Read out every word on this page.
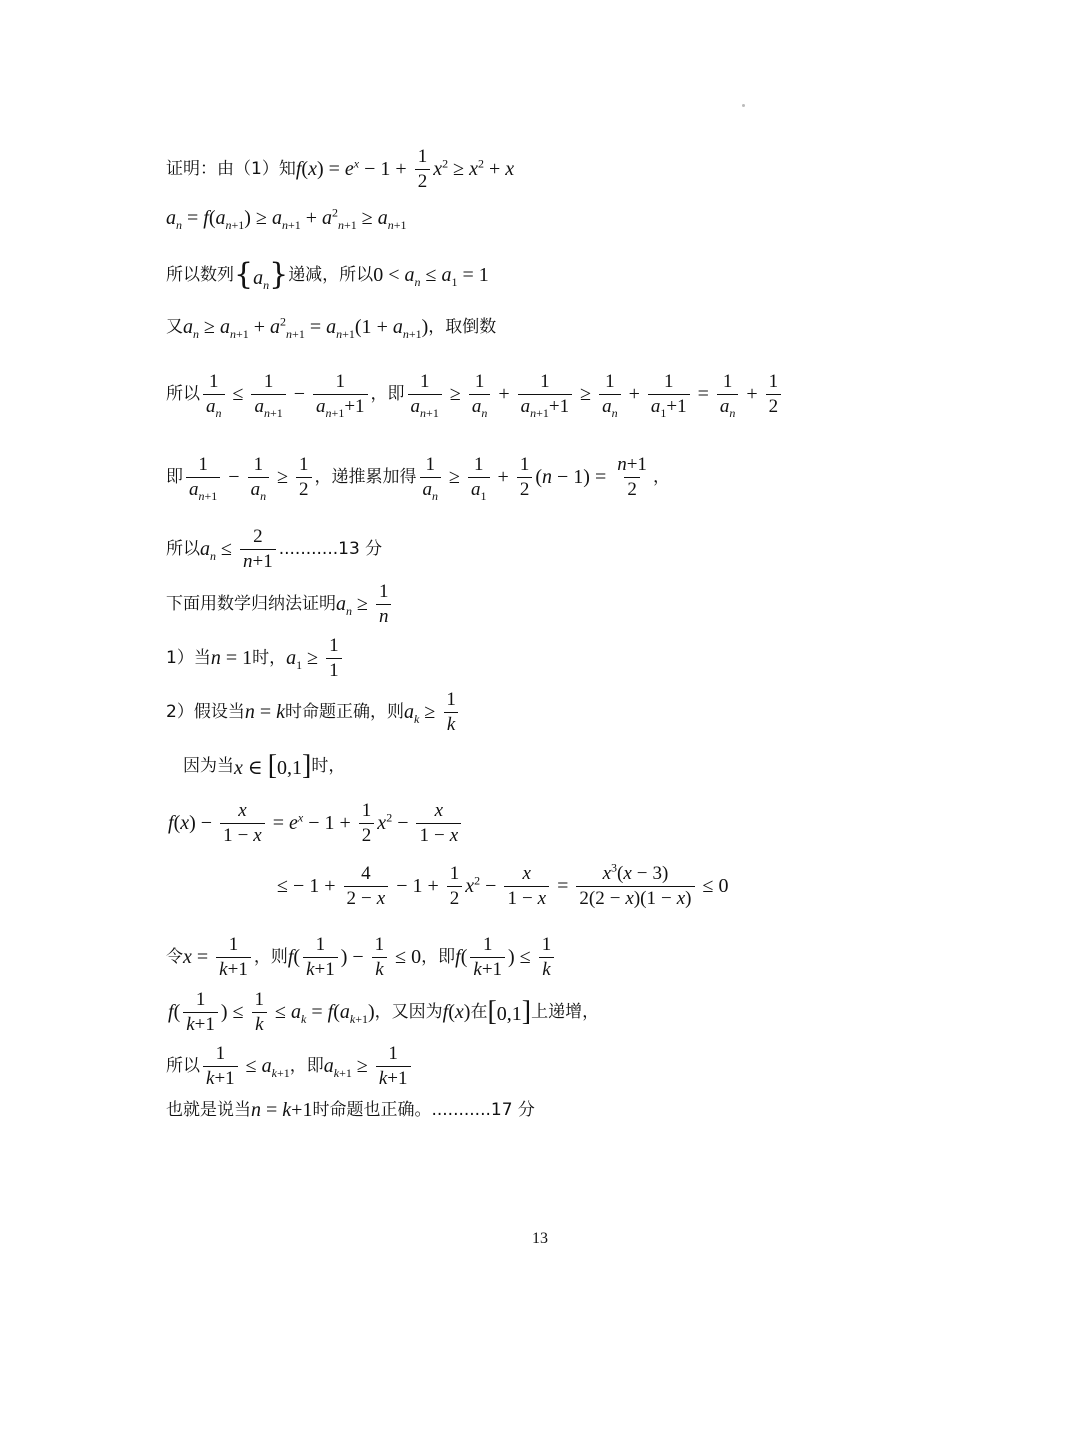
证明：由（1）知 $f(x) = e^x - 1 + \frac{1}{2} x^2 \ge x^2 + x$
$a_n = f(a_{n+1}) \ge a_{n+1} + a^2_{n+1} \ge a_{n+1}$
所以数列 $\{a_n\}$ 递减，所以 $0 < a_n \le a_1 = 1$
又 $a_n \ge a_{n+1} + a^2_{n+1} = a_{n+1}(1 + a_{n+1})$ ，取倒数
所以 $\frac{1}{a_n} \le \frac{1}{a_{n+1}} - \frac{1}{a_{n+1}+1}$ ，即 $\frac{1}{a_{n+1}} \ge \frac{1}{a_n} + \frac{1}{a_{n+1}+1} \ge \frac{1}{a_n} + \frac{1}{a_1+1} = \frac{1}{a_n} + \frac{1}{2}$
即 $\frac{1}{a_{n+1}} - \frac{1}{a_n} \ge \frac{1}{2}$ ，递推累加得 $\frac{1}{a_n} \ge \frac{1}{a_1} + \frac{1}{2} (n - 1) = \frac{n+1}{2}$ ，
所以 $a_n \le \frac{2}{n+1} ...........13$ 分
下面用数学归纳法证明 $a_n \ge \frac{1}{n}$
1）当 n = 1 时， $a_1 \ge \frac{1}{1}$
2）假设当 n = k 时命题正确，则 $a_k \ge \frac{1}{k}$
因为当 x ∈ [0,1] 时，
$f(x) - \frac{x}{1 - x} = e^x - 1 + \frac{1}{2} x^2 - \frac{x}{1 - x}$
≤ − $1 + \frac{4}{2 - x} - 1 + \frac{1}{2} x^2 - \frac{x}{1 - x} = \frac{x^3(x - 3)}{2(2 - x)(1 - x)} \le 0$
令 $x = \frac{1}{k+1}$ ，则 $f( \frac{1}{k+1}$ ) − $\frac{1}{k} \le 0$ ，即 $f( \frac{1}{k+1}$ ) ≤ $\frac{1}{k}$
$f( \frac{1}{k+1}$ ) ≤ $\frac{1}{k} \le a_k = f(a_{k+1})$ ，又因为 f(x) 在 [0,1] 上递增，
所以 $\frac{1}{k+1} \le a_{k+1}$ ，即 $a_{k+1} \ge \frac{1}{k+1}$
也就是说当 n = k+1 时命题也正确。 ...........17 分
13
